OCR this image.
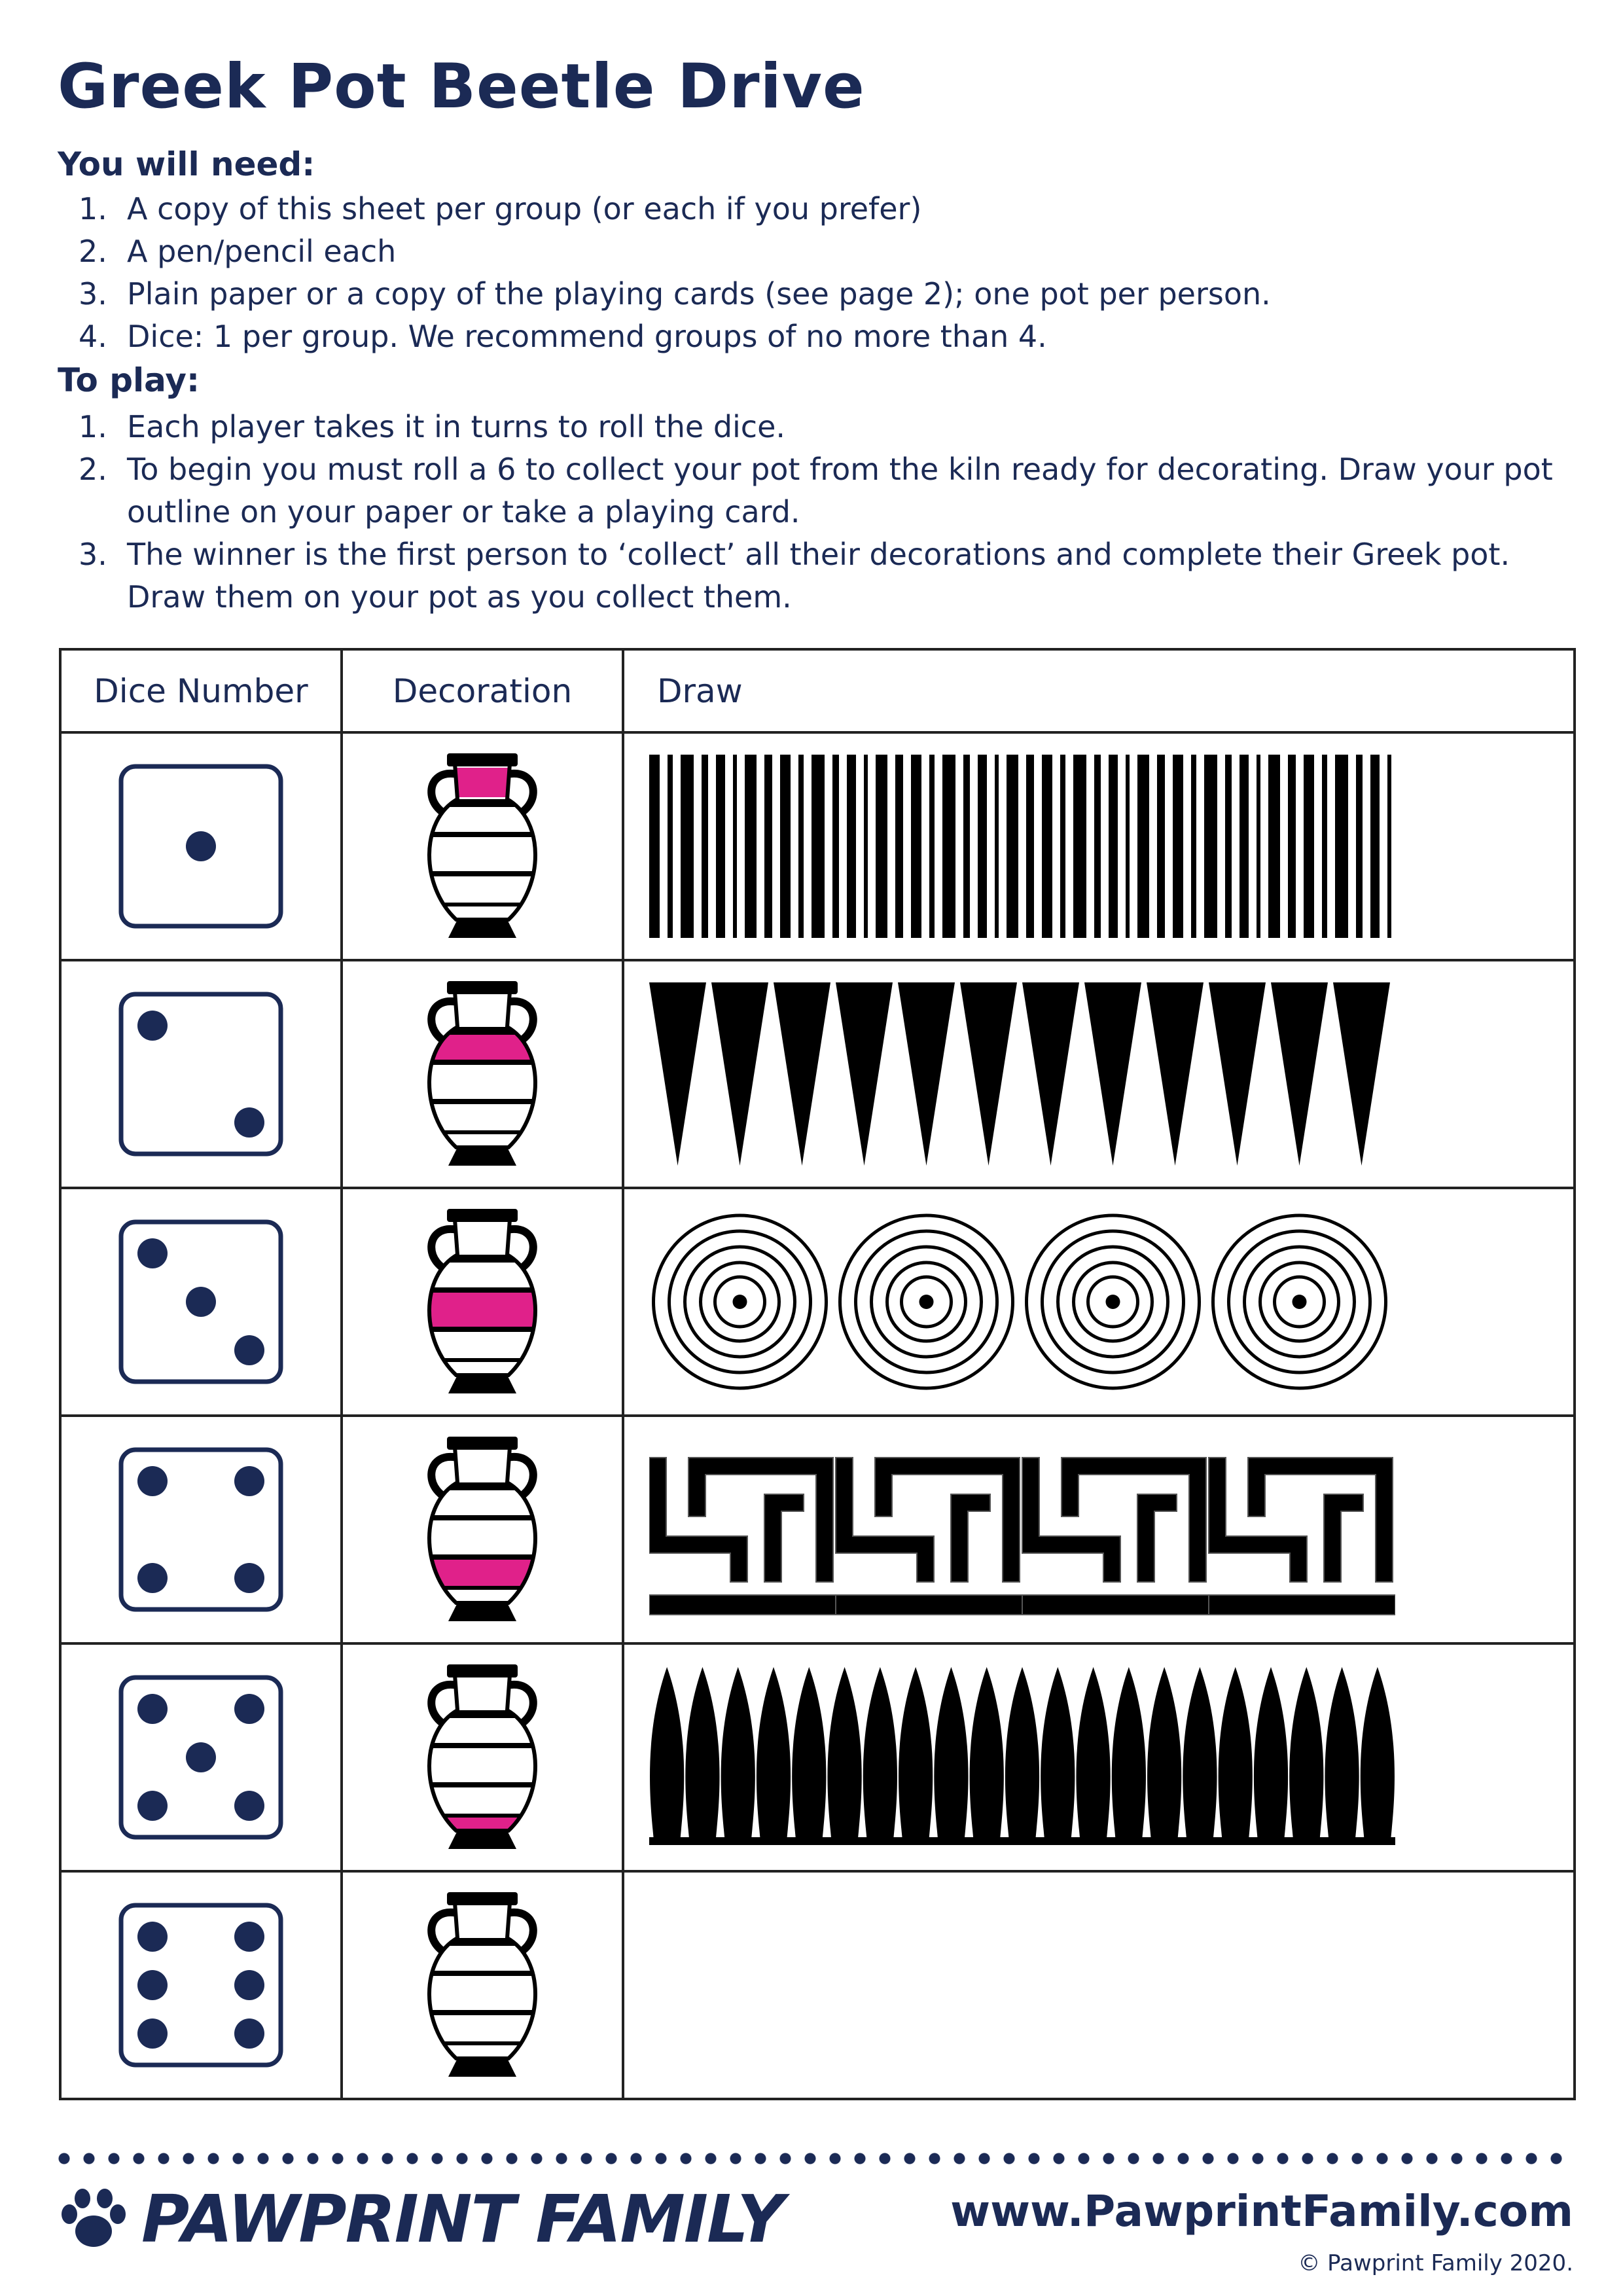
Greek Pot Beetle Drive
You will need:
1. A copy of this sheet per group (or each if you prefer)
2. A pen/pencil each
3. Plain paper or a copy of the playing cards (see page 2); one pot per person.
4. Dice: 1 per group. We recommend groups of no more than 4.
To play:
1. Each player takes it in turns to roll the dice.
2. To begin you must roll a 6 to collect your pot from the kiln ready for decorating. Draw your pot outline on your paper or take a playing card.
3. The winner is the first person to ‘collect’ all their decorations and complete their Greek pot. Draw them on your pot as you collect them.
Dice Number	Decoration	Draw

PAWPRINT FAMILY	www.PawprintFamily.com
© Pawprint Family 2020.
